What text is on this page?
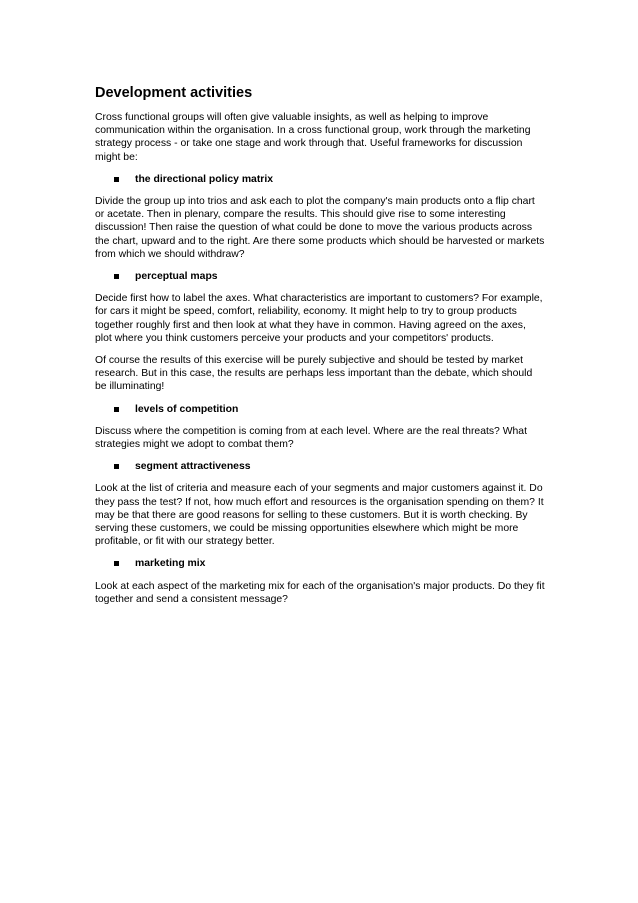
Development activities
Cross functional groups will often give valuable insights, as well as helping to improve communication within the organisation. In a cross functional group, work through the marketing strategy process - or take one stage and work through that. Useful frameworks for discussion might be:
the directional policy matrix
Divide the group up into trios and ask each to plot the company's main products onto a flip chart or acetate. Then in plenary, compare the results. This should give rise to some interesting discussion! Then raise the question of what could be done to move the various products across the chart, upward and to the right. Are there some products which should be harvested or markets from which we should withdraw?
perceptual maps
Decide first how to label the axes. What characteristics are important to customers? For example, for cars it might be speed, comfort, reliability, economy. It might help to try to group products together roughly first and then look at what they have in common. Having agreed on the axes, plot where you think customers perceive your products and your competitors' products.
Of course the results of this exercise will be purely subjective and should be tested by market research. But in this case, the results are perhaps less important than the debate, which should be illuminating!
levels of competition
Discuss where the competition is coming from at each level. Where are the real threats? What strategies might we adopt to combat them?
segment attractiveness
Look at the list of criteria and measure each of your segments and major customers against it. Do they pass the test? If not, how much effort and resources is the organisation spending on them? It may be that there are good reasons for selling to these customers. But it is worth checking. By serving these customers, we could be missing opportunities elsewhere which might be more profitable, or fit with our strategy better.
marketing mix
Look at each aspect of the marketing mix for each of the organisation's major products. Do they fit together and send a consistent message?
